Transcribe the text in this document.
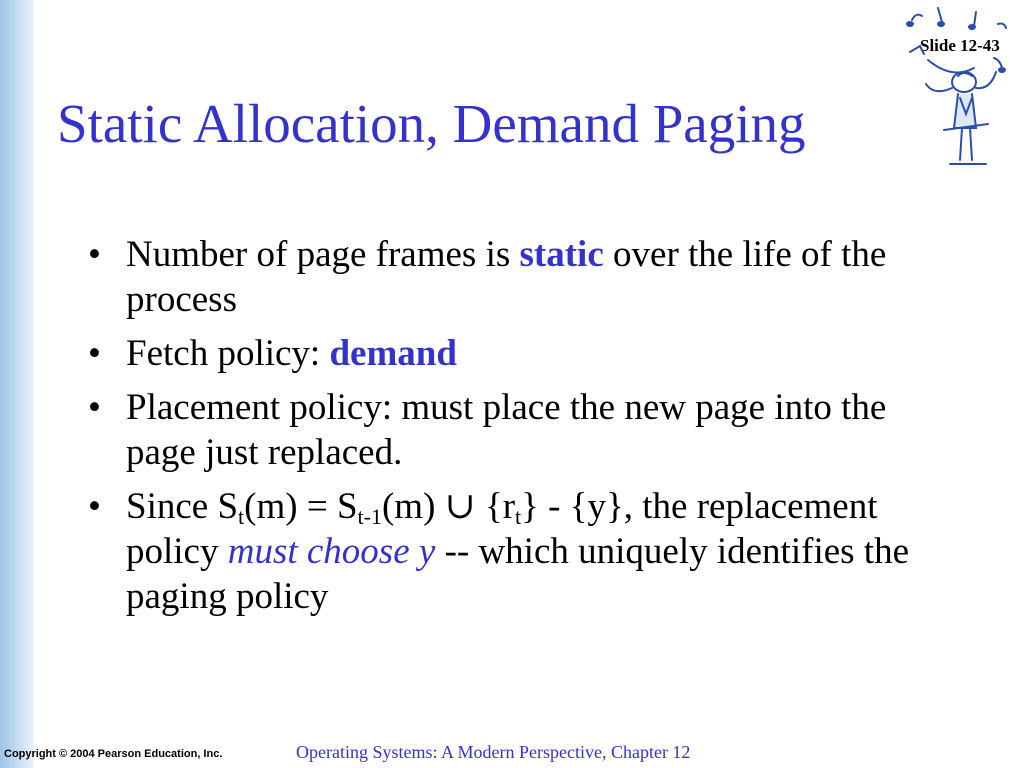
Slide 12-43
Static Allocation, Demand Paging
• Number of page frames is static over the life of the process
• Fetch policy: demand
• Placement policy: must place the new page into the page just replaced.
• Since $S_t(m) = S_{t-1}(m)$ ∪ $\{r_t\} - \{y\}$, the replacement policy must choose y -- which uniquely identifies the paging policy
Copyright © 2004 Pearson Education, Inc.	Operating Systems: A Modern Perspective, Chapter 12
